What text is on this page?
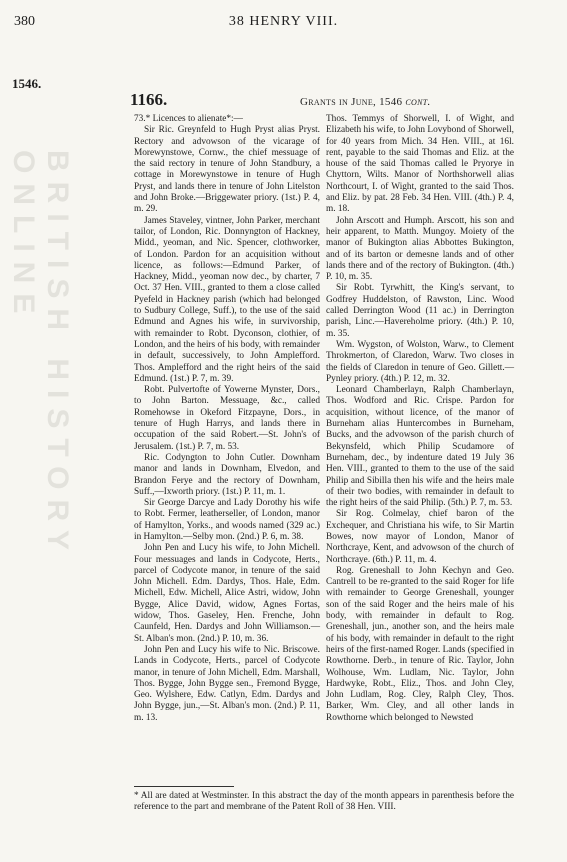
380	38 HENRY VIII.
BRITISH HISTORY ONLINE
1546.
1166.	Grants in June, 1546 cont.

73.* Licences to alienate*:—

Sir Ric. Greynfeld to Hugh Pryst alias Pryst. Rectory and advowson of the vicarage of Morewynstowe, Cornw., the chief messuage of the said rectory in tenure of John Standbury, a cottage in Morewynstowe in tenure of Hugh Pryst, and lands there in tenure of John Litelston and John Broke.—Briggewater priory. (1st.) P. 4, m. 29.

James Staveley, vintner, John Parker, merchant tailor, of London, Ric. Donnyngton of Hackney, Midd., yeoman, and Nic. Spencer, clothworker, of London. Pardon for an acquisition without licence, as follows:—Edmund Parker, of Hackney, Midd., yeoman now dec., by charter, 7 Oct. 37 Hen. VIII., granted to them a close called Pyefeld in Hackney parish (which had belonged to Sudbury College, Suff.), to the use of the said Edmund and Agnes his wife, in survivorship, with remainder to Robt. Dyconson, clothier, of London, and the heirs of his body, with remainder in default, successively, to John Amplefford. Thos. Amplefford and the right heirs of the said Edmund. (1st.) P. 7, m. 39.

Robt. Pulvertofte of Yowerne Mynster, Dors., to John Barton. Messuage, &c., called Romehowse in Okeford Fitzpayne, Dors., in tenure of Hugh Harrys, and lands there in occupation of the said Robert.—St. John's of Jerusalem. (1st.) P. 7, m. 53.

Ric. Codyngton to John Cutler. Downham manor and lands in Downham, Elvedon, and Brandon Ferye and the rectory of Downham, Suff.,—Ixworth priory. (1st.) P. 11, m. 1.

Sir George Darcye and Lady Dorothy his wife to Robt. Fermer, leatherseller, of London, manor of Hamylton, Yorks., and woods named (329 ac.) in Hamylton.—Selby mon. (2nd.) P. 6, m. 38.

John Pen and Lucy his wife, to John Michell. Four messuages and lands in Codycote, Herts., parcel of Codycote manor, in tenure of the said John Michell. Edm. Dardys, Thos. Hale, Edm. Michell, Edw. Michell, Alice Astri, widow, John Bygge, Alice David, widow, Agnes Fortas, widow, Thos. Gaseley, Hen. Frenche, John Caunfeld, Hen. Dardys and John Williamson.—St. Alban's mon. (2nd.) P. 10, m. 36.

John Pen and Lucy his wife to Nic. Briscowe. Lands in Codycote, Herts., parcel of Codycote manor, in tenure of John Michell, Edm. Marshall, Thos. Bygge, John Bygge sen., Fremond Bygge, Geo. Wylshere, Edw. Catlyn, Edm. Dardys and John Bygge, jun.,—St. Alban's mon. (2nd.) P. 11, m. 13.

Thos. Temmys of Shorwell, I. of Wight, and Elizabeth his wife, to John Lovybond of Shorwell, for 40 years from Mich. 34 Hen. VIII., at 16l. rent, payable to the said Thomas and Eliz. at the house of the said Thomas called le Pryorye in Chyttorn, Wilts. Manor of Northshorwell alias Northcourt, I. of Wight, granted to the said Thos. and Eliz. by pat. 28 Feb. 34 Hen. VIII. (4th.) P. 4, m. 18.

John Arscott and Humph. Arscott, his son and heir apparent, to Matth. Mungoy. Moiety of the manor of Bukington alias Abbottes Bukington, and of its barton or demesne lands and of other lands there and of the rectory of Bukington. (4th.) P. 10, m. 35.

Sir Robt. Tyrwhitt, the King's servant, to Godfrey Huddelston, of Rawston, Linc. Wood called Derrington Wood (11 ac.) in Derrington parish, Linc.—Havereholme priory. (4th.) P. 10, m. 35.

Wm. Wygston, of Wolston, Warw., to Clement Throkmerton, of Claredon, Warw. Two closes in the fields of Claredon in tenure of Geo. Gillett.—Pynley priory. (4th.) P. 12, m. 32.

Leonard Chamberlayn, Ralph Chamberlayn, Thos. Wodford and Ric. Crispe. Pardon for acquisition, without licence, of the manor of Burneham alias Huntercombes in Burneham, Bucks, and the advowson of the parish church of Bekynsfeld, which Philip Scudamore of Burneham, dec., by indenture dated 19 July 36 Hen. VIII., granted to them to the use of the said Philip and Sibilla then his wife and the heirs male of their two bodies, with remainder in default to the right heirs of the said Philip. (5th.) P. 7, m. 53.

Sir Rog. Colmelay, chief baron of the Exchequer, and Christiana his wife, to Sir Martin Bowes, now mayor of London, Manor of Northcraye, Kent, and advowson of the church of Northcraye. (6th.) P. 11, m. 4.

Rog. Greneshall to John Kechyn and Geo. Cantrell to be re-granted to the said Roger for life with remainder to George Greneshall, younger son of the said Roger and the heirs male of his body, with remainder in default to Rog. Greneshall, jun., another son, and the heirs male of his body, with remainder in default to the right heirs of the first-named Roger. Lands (specified in Rowthorne. Derb., in tenure of Ric. Taylor, John Wolhouse, Wm. Ludlam, Nic. Taylor, John Hardwyke, Robt., Eliz., Thos. and John Cley, John Ludlam, Rog. Cley, Ralph Cley, Thos. Barker, Wm. Cley, and all other lands in Rowthorne which belonged to Newsted

* All are dated at Westminster. In this abstract the day of the month appears in parenthesis before the reference to the part and membrane of the Patent Roll of 38 Hen. VIII.
